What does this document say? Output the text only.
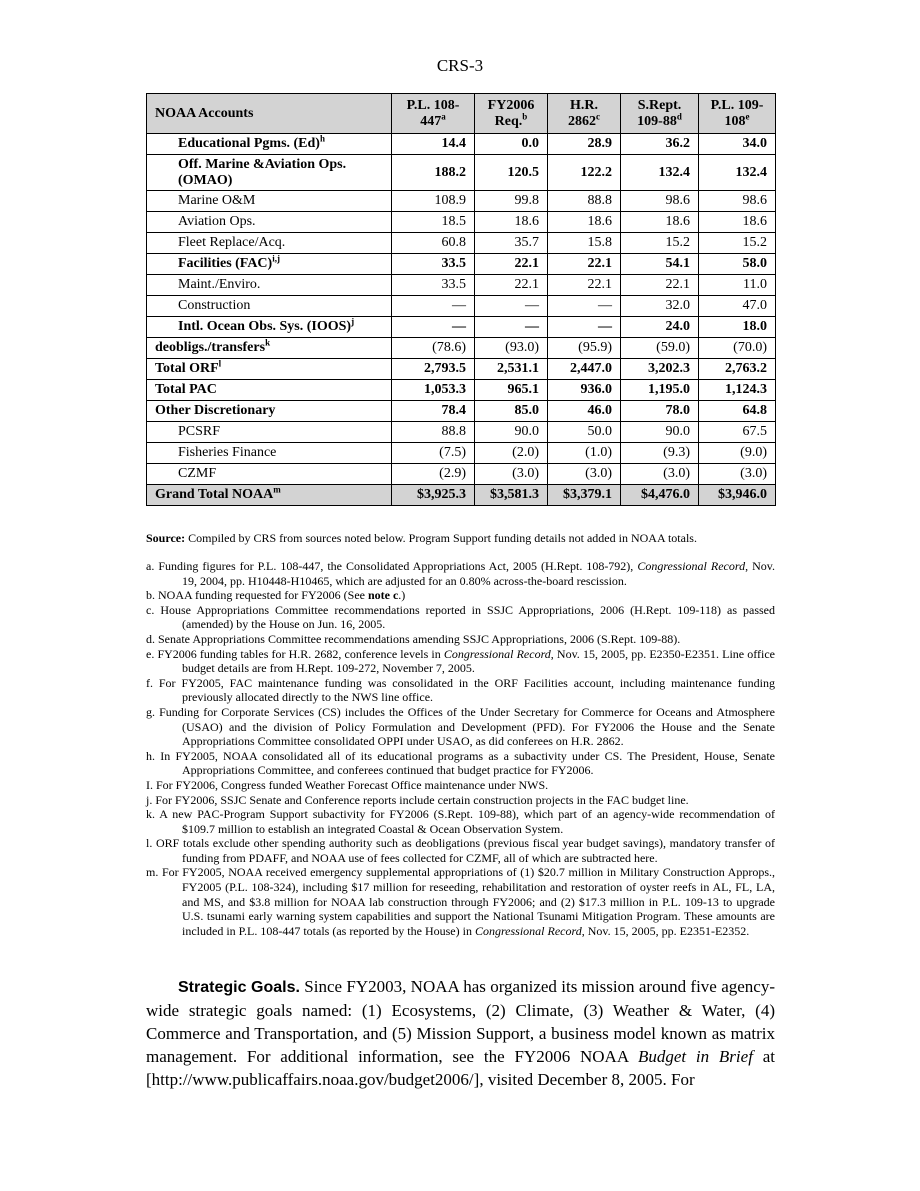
CRS-3
NOAA Accounts	P.L. 108-447$^a$	FY2006 Req.$^b$	H.R. 2862$^c$	S.Rept. 109-88$^d$	P.L. 109-108e
Educational Pgms. $(Ed)^h$	14.4	0.0	28.9	36.2	34.0
Off. Marine &Aviation Ops. (OMAO)	188.2	120.5	122.2	132.4	132.4
Marine O&M	108.9	99.8	88.8	98.6	98.6
Aviation Ops.	18.5	18.6	18.6	18.6	18.6
Fleet Replace/Acq.	60.8	35.7	15.8	15.2	15.2
Facilities (FAC)$^{i,j}$	33.5	22.1	22.1	54.1	58.0
Maint./Enviro.	33.5	22.1	22.1	22.1	11.0
Construction	—	—	—	32.0	47.0
Intl. Ocean Obs. Sys. (IOOS)$^j$	—	—	—	24.0	18.0
deobligs./transfers$^k$	(78.6)	(93.0)	(95.9)	(59.0)	(70.0)
Total ORF$^l$	2,793.5	2,531.1	2,447.0	3,202.3	2,763.2
Total PAC	1,053.3	965.1	936.0	1,195.0	1,124.3
Other Discretionary	78.4	85.0	46.0	78.0	64.8
PCSRF	88.8	90.0	50.0	90.0	67.5
Fisheries Finance	(7.5)	(2.0)	(1.0)	(9.3)	(9.0)
CZMF	(2.9)	(3.0)	(3.0)	(3.0)	(3.0)
Grand Total NOAA$^m$	$3,925.3	$3,581.3	$3,379.1	$4,476.0	$3,946.0
Source: Compiled by CRS from sources noted below. Program Support funding details not added in NOAA totals.

a. Funding figures for P.L. 108-447, the Consolidated Appropriations Act, 2005 (H.Rept. 108-792), Congressional Record, Nov. 19, 2004, pp. H10448-H10465, which are adjusted for an 0.80% across-the-board rescission.

b. NOAA funding requested for FY2006 (See note c.)

c. House Appropriations Committee recommendations reported in SSJC Appropriations, 2006 (H.Rept. 109-118) as passed (amended) by the House on Jun. 16, 2005.

d. Senate Appropriations Committee recommendations amending SSJC Appropriations, 2006 (S.Rept. 109-88).

e. FY2006 funding tables for H.R. 2682, conference levels in Congressional Record, Nov. 15, 2005, pp. E2350-E2351. Line office budget details are from H.Rept. 109-272, November 7, 2005.

f. For FY2005, FAC maintenance funding was consolidated in the ORF Facilities account, including maintenance funding previously allocated directly to the NWS line office.

g. Funding for Corporate Services (CS) includes the Offices of the Under Secretary for Commerce for Oceans and Atmosphere (USAO) and the division of Policy Formulation and Development (PFD). For FY2006 the House and the Senate Appropriations Committee consolidated OPPI under USAO, as did conferees on H.R. 2862.

h. In FY2005, NOAA consolidated all of its educational programs as a subactivity under CS. The President, House, Senate Appropriations Committee, and conferees continued that budget practice for FY2006.

I. For FY2006, Congress funded Weather Forecast Office maintenance under NWS.

j. For FY2006, SSJC Senate and Conference reports include certain construction projects in the FAC budget line.

k. A new PAC-Program Support subactivity for FY2006 (S.Rept. 109-88), which part of an agency-wide recommendation of $109.7 million to establish an integrated Coastal & Ocean Observation System.

l. ORF totals exclude other spending authority such as deobligations (previous fiscal year budget savings), mandatory transfer of funding from PDAFF, and NOAA use of fees collected for CZMF, all of which are subtracted here.

m. For FY2005, NOAA received emergency supplemental appropriations of (1) $20.7 million in Military Construction Approps., FY2005 (P.L. 108-324), including $17 million for reseeding, rehabilitation and restoration of oyster reefs in AL, FL, LA, and MS, and $3.8 million for NOAA lab construction through FY2006; and (2) $17.3 million in P.L. 109-13 to upgrade U.S. tsunami early warning system capabilities and support the National Tsunami Mitigation Program. These amounts are included in P.L. 108-447 totals (as reported by the House) in Congressional Record, Nov. 15, 2005, pp. E2351-E2352.

Strategic Goals. Since FY2003, NOAA has organized its mission around five agency-wide strategic goals named: (1) Ecosystems, (2) Climate, (3) Weather & Water, (4) Commerce and Transportation, and (5) Mission Support, a business model known as matrix management. For additional information, see the FY2006 NOAA Budget in Brief at [http://www.publicaffairs.noaa.gov/budget2006/], visited December 8, 2005. For
